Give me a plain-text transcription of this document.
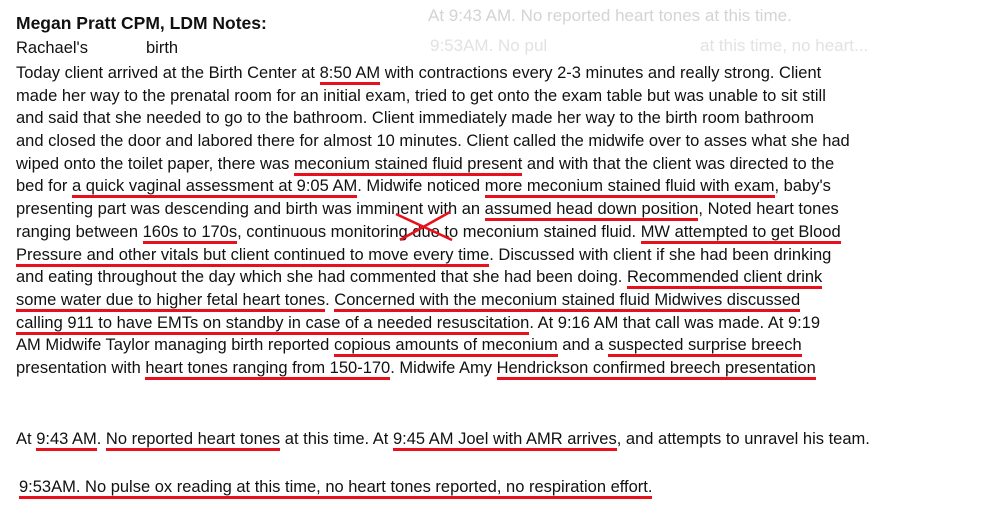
At 9:43 AM. No reported heart tones at this time.
9:53AM. No pul	at this time, no heart...
Megan Pratt CPM, LDM Notes:
Rachael's	birth
Today client arrived at the Birth Center at 8:50 AM with contractions every 2-3 minutes and really strong. Client
made her way to the prenatal room for an initial exam, tried to get onto the exam table but was unable to sit still
and said that she needed to go to the bathroom. Client immediately made her way to the birth room bathroom
and closed the door and labored there for almost 10 minutes. Client called the midwife over to asses what she had
wiped onto the toilet paper, there was meconium stained fluid present and with that the client was directed to the
bed for a quick vaginal assessment at 9:05 AM. Midwife noticed more meconium stained fluid with exam, baby's
presenting part was descending and birth was imminent with an assumed head down position, Noted heart tones
ranging between 160s to 170s, continuous monitoring due to meconium stained fluid. MW attempted to get Blood
Pressure and other vitals but client continued to move every time. Discussed with client if she had been drinking
and eating throughout the day which she had commented that she had been doing. Recommended client drink
some water due to higher fetal heart tones. Concerned with the meconium stained fluid Midwives discussed
calling 911 to have EMTs on standby in case of a needed resuscitation. At 9:16 AM that call was made. At 9:19
AM Midwife Taylor managing birth reported copious amounts of meconium and a suspected surprise breech
presentation with heart tones ranging from 150-170. Midwife Amy Hendrickson confirmed breech presentation
At 9:43 AM. No reported heart tones at this time. At 9:45 AM Joel with AMR arrives, and attempts to unravel his team.
9:53AM. No pulse ox reading at this time, no heart tones reported, no respiration effort.
